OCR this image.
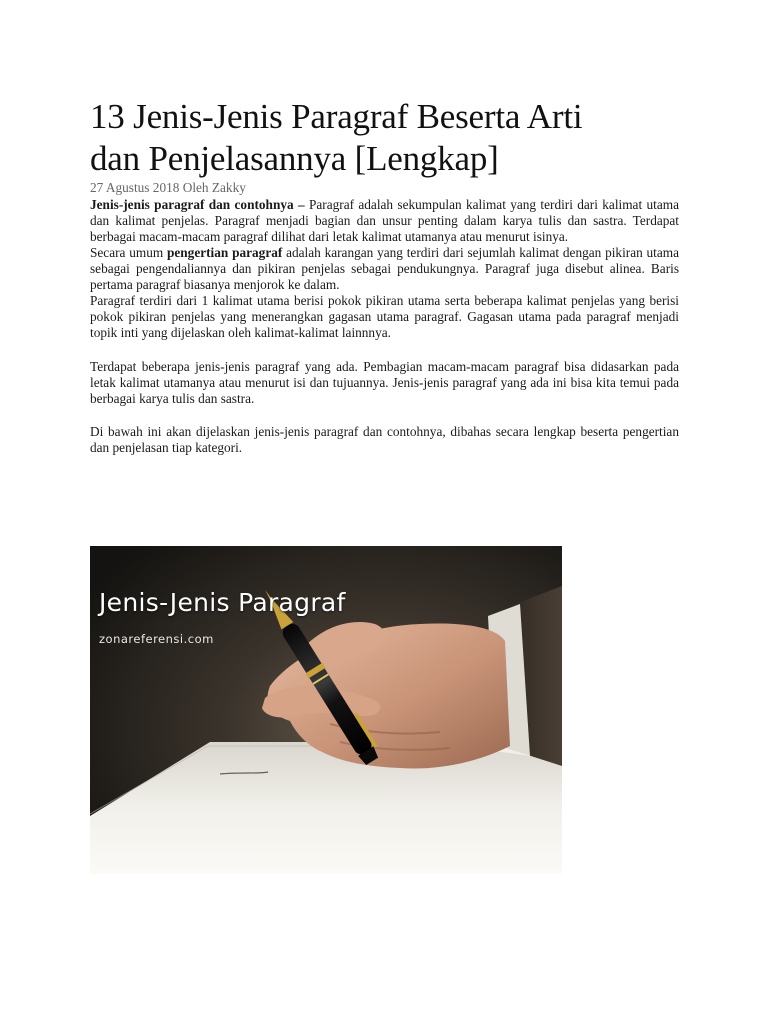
13 Jenis-Jenis Paragraf Beserta Arti
dan Penjelasannya [Lengkap]

27 Agustus 2018 Oleh Zakky

Jenis-jenis paragraf dan contohnya – Paragraf adalah sekumpulan kalimat yang terdiri dari kalimat utama dan kalimat penjelas. Paragraf menjadi bagian dan unsur penting dalam karya tulis dan sastra. Terdapat berbagai macam-macam paragraf dilihat dari letak kalimat utamanya atau menurut isinya.

Secara umum pengertian paragraf adalah karangan yang terdiri dari sejumlah kalimat dengan pikiran utama sebagai pengendaliannya dan pikiran penjelas sebagai pendukungnya. Paragraf juga disebut alinea. Baris pertama paragraf biasanya menjorok ke dalam.

Paragraf terdiri dari 1 kalimat utama berisi pokok pikiran utama serta beberapa kalimat penjelas yang berisi pokok pikiran penjelas yang menerangkan gagasan utama paragraf. Gagasan utama pada paragraf menjadi topik inti yang dijelaskan oleh kalimat-kalimat lainnnya.

Terdapat beberapa jenis-jenis paragraf yang ada. Pembagian macam-macam paragraf bisa didasarkan pada letak kalimat utamanya atau menurut isi dan tujuannya. Jenis-jenis paragraf yang ada ini bisa kita temui pada berbagai karya tulis dan sastra.

Di bawah ini akan dijelaskan jenis-jenis paragraf dan contohnya, dibahas secara lengkap beserta pengertian dan penjelasan tiap kategori.

Jenis-Jenis Paragraf
zonareferensi.com
